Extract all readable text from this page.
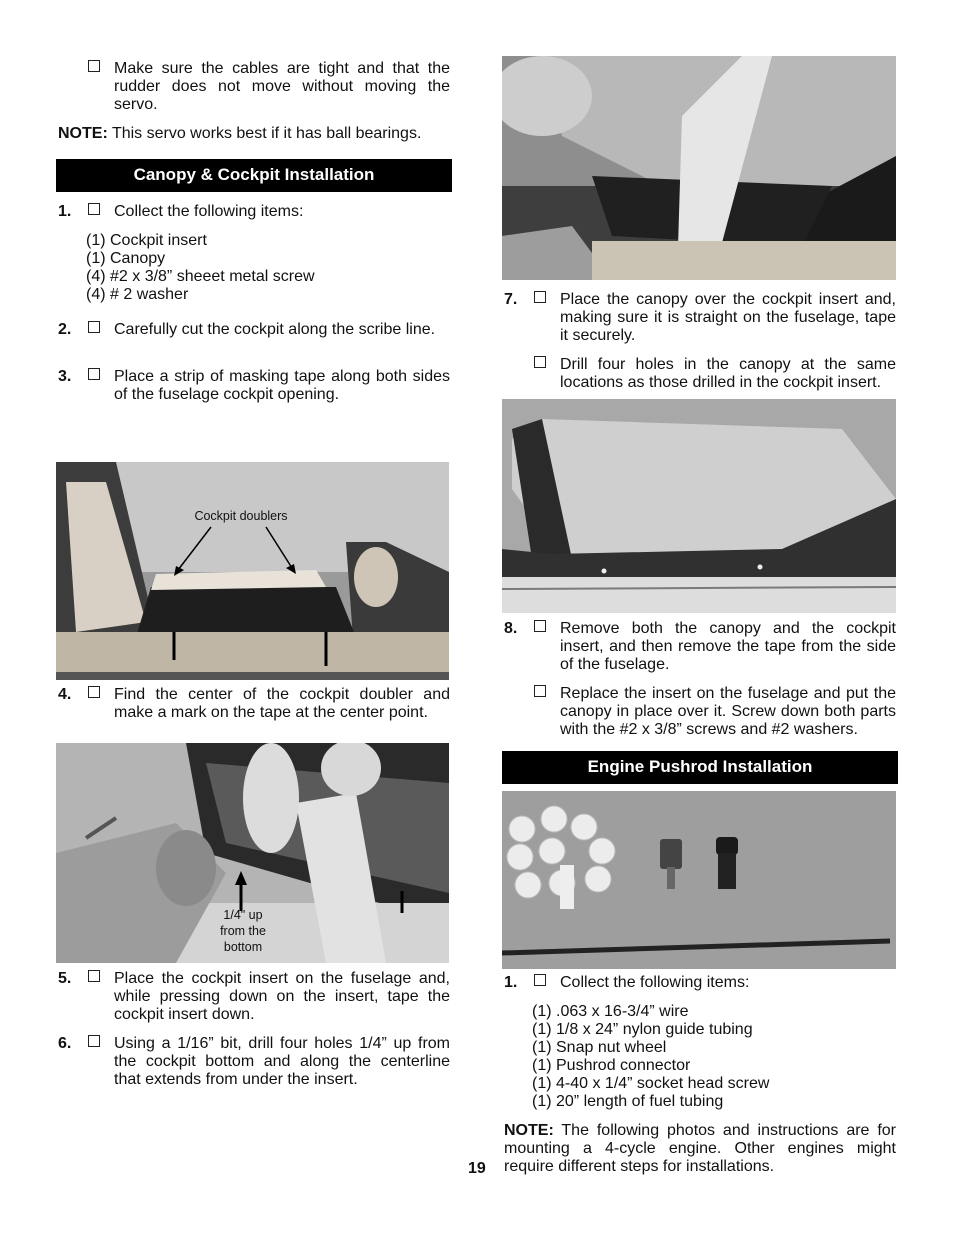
Make sure the cables are tight and that the rudder does not move without moving the servo.
NOTE: This servo works best if it has ball bearings.
Canopy & Cockpit Installation
1.	Collect the following items:
(1) Cockpit insert
(1) Canopy
(4) #2 x 3/8” sheeet metal screw
(4) # 2 washer
2.	Carefully cut the cockpit along the scribe line.
3.	Place a strip of masking tape along both sides of the fuselage cockpit opening.
Cockpit doublers
4.	Find the center of the cockpit doubler and make a mark on the tape at the center point.
1/4" up
from the
bottom
5.	Place the cockpit insert on the fuselage and, while pressing down on the insert, tape the cockpit insert down.
6.	Using a 1/16” bit, drill four holes 1/4” up from the cockpit bottom and along the centerline that extends from under the insert.
7.	Place the canopy over the cockpit insert and, making sure it is straight on the fuselage, tape it securely.
Drill four holes in the canopy at the same locations as those drilled in the cockpit insert.
8.	Remove both the canopy and the cockpit insert, and then remove the tape from the side of the fuselage.
Replace the insert on the fuselage and put the canopy in place over it. Screw down both parts with the #2 x 3/8” screws and #2 washers.
Engine Pushrod Installation
1.	Collect the following items:
(1) .063 x 16-3/4” wire
(1) 1/8 x 24” nylon guide tubing
(1) Snap nut wheel
(1) Pushrod connector
(1) 4-40 x 1/4” socket head screw
(1) 20” length of fuel tubing
NOTE: The following photos and instructions are for mounting a 4-cycle engine. Other engines might require different steps for installations.
19
